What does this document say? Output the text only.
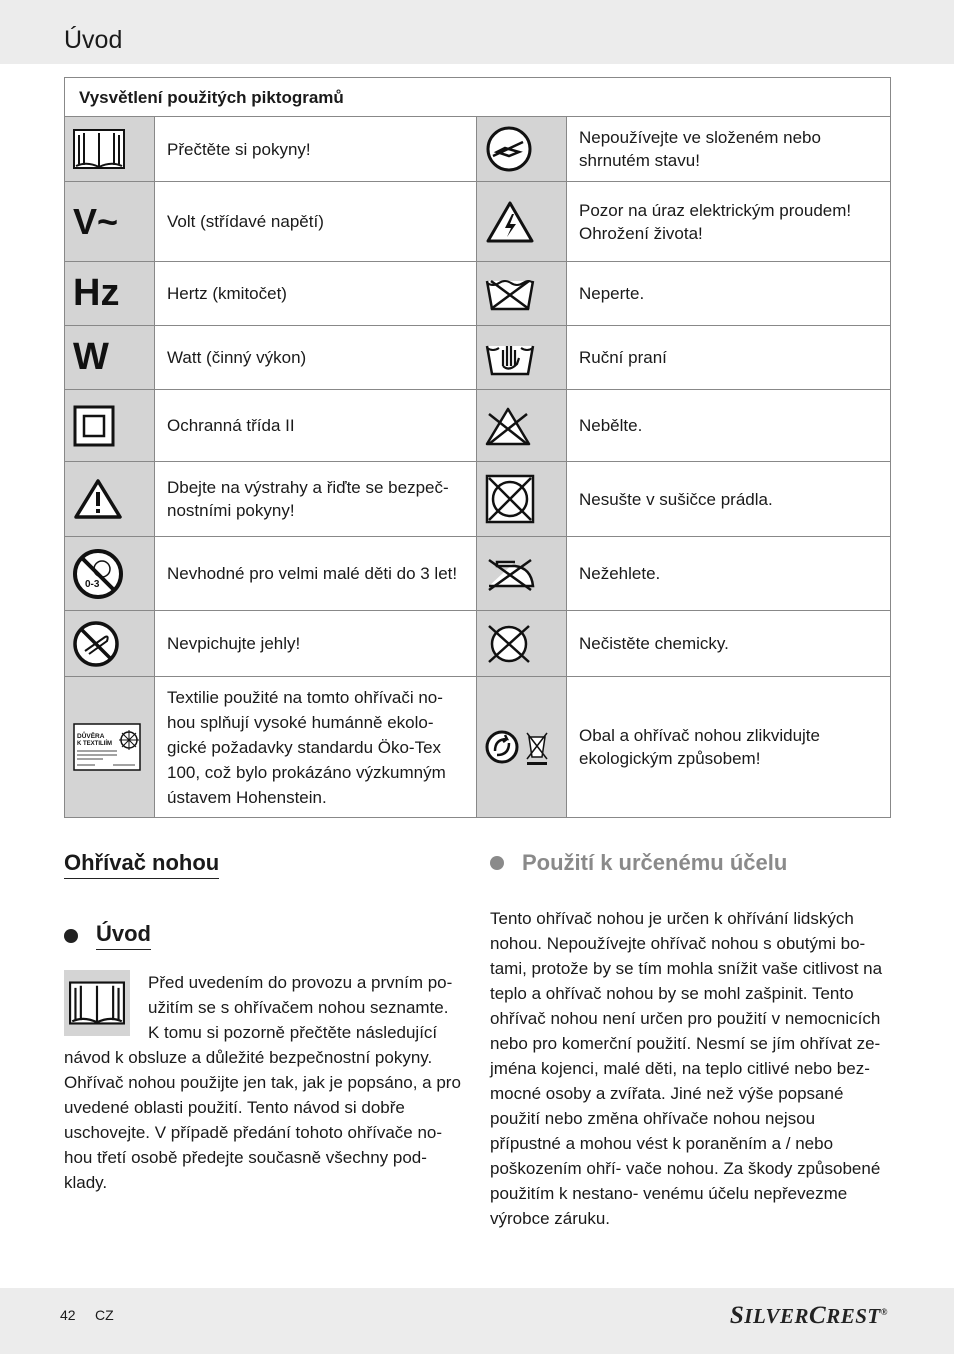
Úvod
Vysvětlení použitých piktogramů			

	Přečtěte si pokyny!		Nepoužívejte ve složeném nebo shrnutém stavu!

V~	Volt (střídavé napětí)		Pozor na úraz elektrickým proudem! Ohrožení života!

Hz	Hertz (kmitočet)		Neperte.

W	Watt (činný výkon)		Ruční praní

	Ochranná třída II		Nebělte.

	Dbejte na výstrahy a řiďte se bezpeč- nostními pokyny!		Nesušte v sušičce prádla.

0-3	Nevhodné pro velmi malé děti do 3 let!		Nežehlete.

	Nevpichujte jehly!		Nečistěte chemicky.

DŮVĚRA
K TEXTILIÍM	Textilie použité na tomto ohřívači no- hou splňují vysoké humánně ekolo- gické požadavky standardu Öko-Tex 100, což bylo prokázáno výzkumným ústavem Hohenstein.		Obal a ohřívač nohou zlikvidujte ekologickým způsobem!
Ohřívač nohou
Úvod
Před uvedením do provozu a prvním po- užitím se s ohřívačem nohou seznamte. K tomu si pozorně přečtěte následující návod k obsluze a důležité bezpečnostní pokyny. Ohřívač nohou použijte jen tak, jak je popsáno, a pro uvedené oblasti použití. Tento návod si dobře uschovejte. V případě předání tohoto ohřívače no- hou třetí osobě předejte současně všechny pod- klady.
Použití k určenému účelu
Tento ohřívač nohou je určen k ohřívání lidských nohou. Nepoužívejte ohřívač nohou s obutými bo- tami, protože by se tím mohla snížit vaše citlivost na teplo a ohřívač nohou by se mohl zašpinit. Tento ohřívač nohou není určen pro použití v nemocnicích nebo pro komerční použití. Nesmí se jím ohřívat ze- jména kojenci, malé děti, na teplo citlivé nebo bez- mocné osoby a zvířata. Jiné než výše popsané použití nebo změna ohřívače nohou nejsou přípustné a mohou vést k poraněním a / nebo poškozením ohří- vače nohou. Za škody způsobené použitím k nestano- venému účelu nepřevezme výrobce záruku.
42 CZ	SILVERCREST®
